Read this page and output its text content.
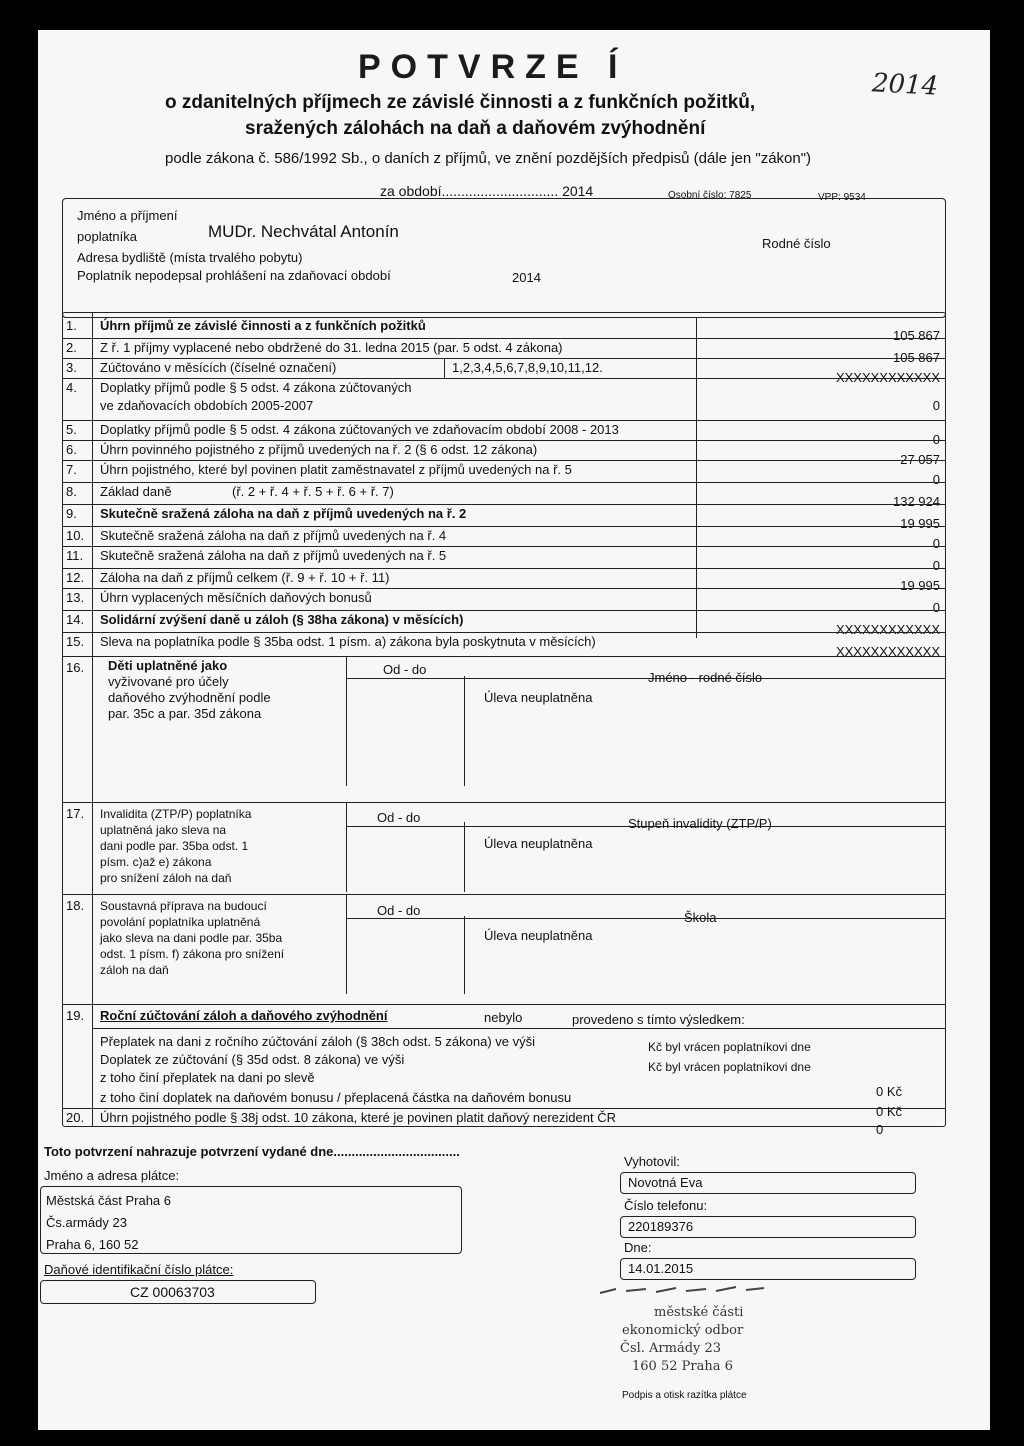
POTVRZE Í
o zdanitelných příjmech ze závislé činnosti a z funkčních požitků,
sražených zálohách na daň a daňovém zvýhodnění
podle zákona č. 586/1992 Sb., o daních z příjmů, ve znění pozdějších předpisů (dále jen "zákon")
2014
za období.............................. 2014	Osobní číslo: 7825	VPP: 9534
Jméno a příjmení
poplatníka	MUDr. Nechvátal Antonín
Adresa bydliště (místa trvalého pobytu)
Rodné číslo
Poplatník nepodepsal prohlášení na zdaňovací období	2014
16. Děti uplatněné jako
vyživované pro účely
daňového zvýhodnění podle
par. 35c a par. 35d zákona
Od - do
Jméno - rodné číslo
Úleva neuplatněna
17. Invalidita (ZTP/P) poplatníka
uplatněná jako sleva na
dani podle par. 35ba odst. 1
písm. c)až e) zákona
pro snížení záloh na daň
Od - do	Stupeň invalidity (ZTP/P)
Úleva neuplatněna
18. Soustavná příprava na budoucí
povolání poplatníka uplatněná
jako sleva na dani podle par. 35ba
odst. 1 písm. f) zákona pro snížení
záloh na daň
Od - do	Škola
Úleva neuplatněna
19. Roční zúčtování záloh a daňového zvýhodnění	nebylo	provedeno s tímto výsledkem:
Přeplatek na dani z ročního zúčtování záloh (§ 38ch odst. 5 zákona) ve výši	Kč byl vrácen poplatníkovi dne
Doplatek ze zúčtování (§ 35d odst. 8 zákona) ve výši	Kč byl vrácen poplatníkovi dne
z toho činí přeplatek na dani po slevě
0 Kč
z toho činí doplatek na daňovém bonusu / přeplacená částka na daňovém bonusu
0 Kč
20. Úhrn pojistného podle § 38j odst. 10 zákona, které je povinen platit daňový nerezident ČR
0
Toto potvrzení nahrazuje potvrzení vydané dne...................................
Jméno a adresa plátce:
Městská část Praha 6
Čs.armády 23
Praha 6, 160 52
Daňové identifikační číslo plátce:
CZ 00063703
Vyhotovil:
Novotná Eva
Číslo telefonu:
220189376
Dne:
14.01.2015
městské části
ekonomický odbor
Čsl. Armády 23
160 52 Praha 6
Podpis a otisk razítka plátce
1. Úhrn příjmů ze závislé činnosti a z funkčních požitků
105 867
2. Z ř. 1 příjmy vyplacené nebo obdržené do 31. ledna 2015 (par. 5 odst. 4 zákona)
105 867
3. Zúčtováno v měsících (číselné označení)	1,2,3,4,5,6,7,8,9,10,11,12.
XXXXXXXXXXXX
4. Doplatky příjmů podle § 5 odst. 4 zákona zúčtovaných
ve zdaňovacích obdobích 2005-2007	0
5. Doplatky příjmů podle § 5 odst. 4 zákona zúčtovaných ve zdaňovacím období 2008 - 2013
0
6. Úhrn povinného pojistného z příjmů uvedených na ř. 2 (§ 6 odst. 12 zákona)
27 057
7. Úhrn pojistného, které byl povinen platit zaměstnavatel z příjmů uvedených na ř. 5
0
8. Základ daně	(ř. 2 + ř. 4 + ř. 5 + ř. 6 + ř. 7)
132 924
9. Skutečně sražená záloha na daň z příjmů uvedených na ř. 2
19 995
10. Skutečně sražená záloha na daň z příjmů uvedených na ř. 4
0
11. Skutečně sražená záloha na daň z příjmů uvedených na ř. 5
0
12. Záloha na daň z příjmů celkem (ř. 9 + ř. 10 + ř. 11)
19 995
13. Úhrn vyplacených měsíčních daňových bonusů
0
14. Solidární zvýšení daně u záloh (§ 38ha zákona) v měsících)
XXXXXXXXXXXX
15. Sleva na poplatníka podle § 35ba odst. 1 písm. a) zákona byla poskytnuta v měsících)
XXXXXXXXXXXX
